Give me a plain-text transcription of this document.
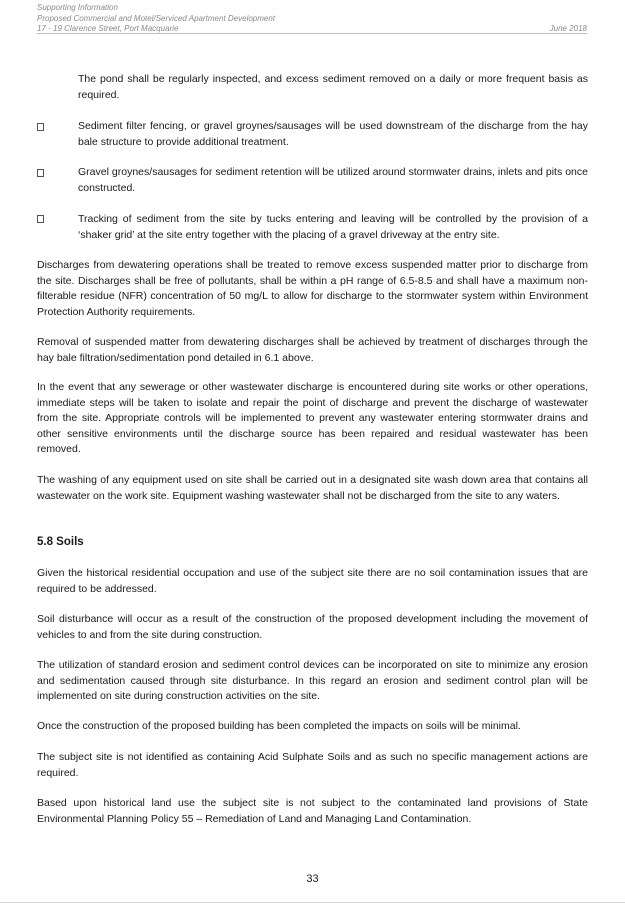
Supporting Information
Proposed Commercial and Motel/Serviced Apartment Development
17 - 19 Clarence Street, Port Macquarie	June 2018

The pond shall be regularly inspected, and excess sediment removed on a daily or more frequent basis as required.

Sediment filter fencing, or gravel groynes/sausages will be used downstream of the discharge from the hay bale structure to provide additional treatment.

Gravel groynes/sausages for sediment retention will be utilized around stormwater drains, inlets and pits once constructed.

Tracking of sediment from the site by tucks entering and leaving will be controlled by the provision of a ‘shaker grid’ at the site entry together with the placing of a gravel driveway at the entry site.

Discharges from dewatering operations shall be treated to remove excess suspended matter prior to discharge from the site. Discharges shall be free of pollutants, shall be within a pH range of 6.5-8.5 and shall have a maximum non-filterable residue (NFR) concentration of 50 mg/L to allow for discharge to the stormwater system within Environment Protection Authority requirements.

Removal of suspended matter from dewatering discharges shall be achieved by treatment of discharges through the hay bale filtration/sedimentation pond detailed in 6.1 above.

In the event that any sewerage or other wastewater discharge is encountered during site works or other operations, immediate steps will be taken to isolate and repair the point of discharge and prevent the discharge of wastewater from the site. Appropriate controls will be implemented to prevent any wastewater entering stormwater drains and other sensitive environments until the discharge source has been repaired and residual wastewater has been removed.

The washing of any equipment used on site shall be carried out in a designated site wash down area that contains all wastewater on the work site. Equipment washing wastewater shall not be discharged from the site to any waters.

5.8 Soils

Given the historical residential occupation and use of the subject site there are no soil contamination issues that are required to be addressed.

Soil disturbance will occur as a result of the construction of the proposed development including the movement of vehicles to and from the site during construction.

The utilization of standard erosion and sediment control devices can be incorporated on site to minimize any erosion and sedimentation caused through site disturbance. In this regard an erosion and sediment control plan will be implemented on site during construction activities on the site.

Once the construction of the proposed building has been completed the impacts on soils will be minimal.

The subject site is not identified as containing Acid Sulphate Soils and as such no specific management actions are required.

Based upon historical land use the subject site is not subject to the contaminated land provisions of State Environmental Planning Policy 55 – Remediation of Land and Managing Land Contamination.

33
